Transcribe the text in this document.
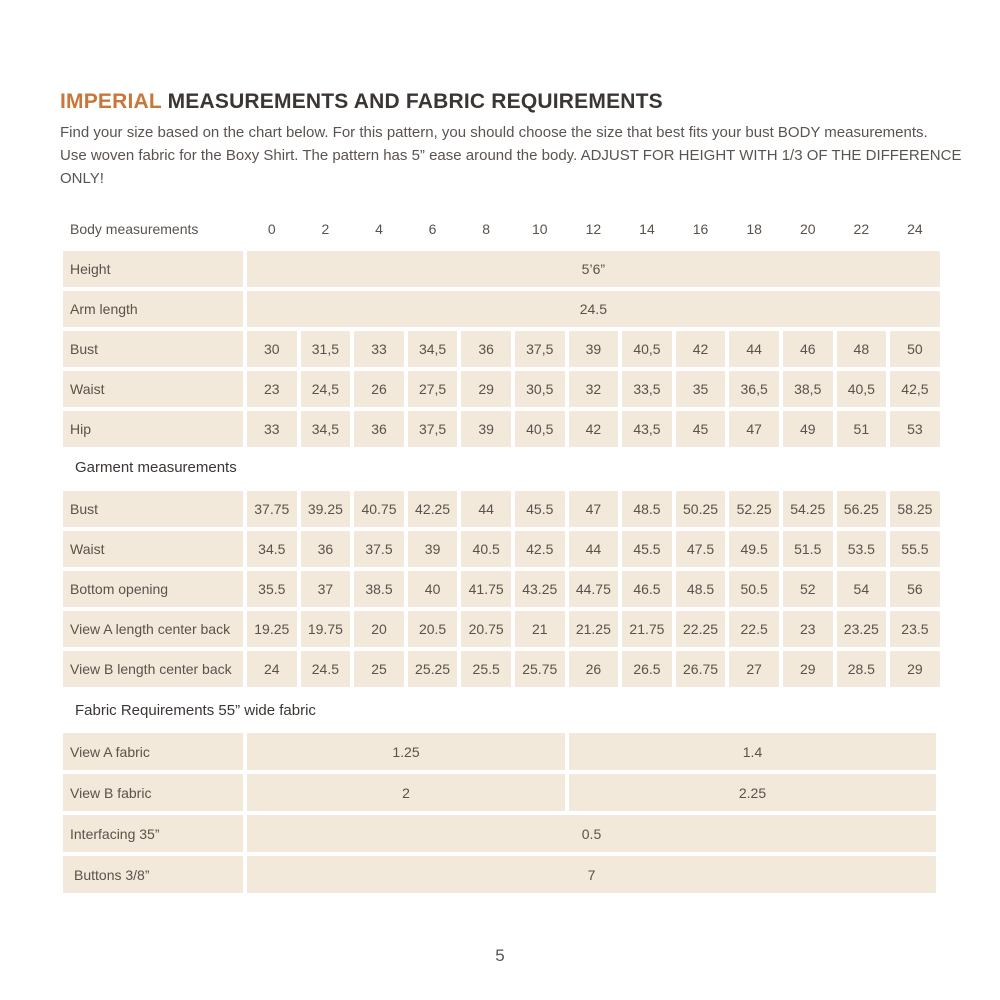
IMPERIAL MEASUREMENTS AND FABRIC REQUIREMENTS
Find your size based on the chart below. For this pattern, you should choose the size that best fits your bust BODY measurements.
Use woven fabric for the Boxy Shirt. The pattern has 5” ease around the body. ADJUST FOR HEIGHT WITH 1/3 OF THE DIFFERENCE
ONLY!
Body measurements	0	2	4	6	8	10	12	14	16	18	20	22	24
Height	5’6”
Arm length	24.5
Bust	30	31,5	33	34,5	36	37,5	39	40,5	42	44	46	48	50
Waist	23	24,5	26	27,5	29	30,5	32	33,5	35	36,5	38,5	40,5	42,5
Hip	33	34,5	36	37,5	39	40,5	42	43,5	45	47	49	51	53
Garment measurements
Bust	37.75	39.25	40.75	42.25	44	45.5	47	48.5	50.25	52.25	54.25	56.25	58.25
Waist	34.5	36	37.5	39	40.5	42.5	44	45.5	47.5	49.5	51.5	53.5	55.5
Bottom opening	35.5	37	38.5	40	41.75	43.25	44.75	46.5	48.5	50.5	52	54	56
View A length center back	19.25	19.75	20	20.5	20.75	21	21.25	21.75	22.25	22.5	23	23.25	23.5
View B length center back	24	24.5	25	25.25	25.5	25.75	26	26.5	26.75	27	29	28.5	29
Fabric Requirements 55” wide fabric
View A fabric	1.25	1.4
View B fabric	2	2.25
Interfacing 35”	0.5
Buttons 3/8”	7
5
